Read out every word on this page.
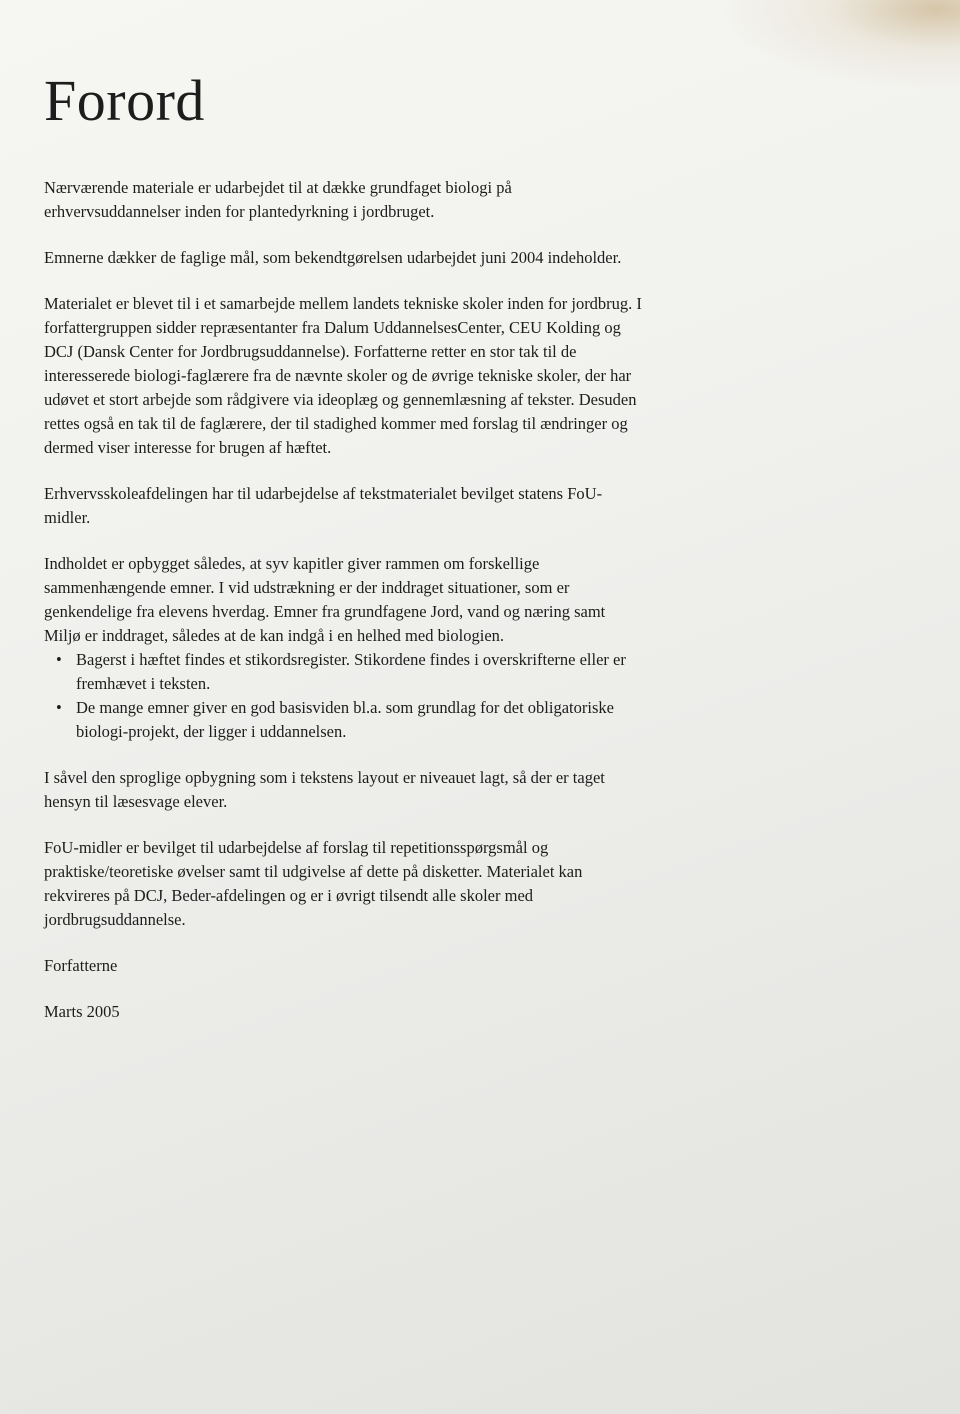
Forord

Nærværende materiale er udarbejdet til at dække grundfaget biologi på erhvervsuddannelser inden for plantedyrkning i jordbruget.

Emnerne dækker de faglige mål, som bekendtgørelsen udarbejdet juni 2004 indeholder.

Materialet er blevet til i et samarbejde mellem landets tekniske skoler inden for jordbrug. I forfattergruppen sidder repræsentanter fra Dalum UddannelsesCenter, CEU Kolding og DCJ (Dansk Center for Jordbrugsuddannelse). Forfatterne retter en stor tak til de interesserede biologi-faglærere fra de nævnte skoler og de øvrige tekniske skoler, der har udøvet et stort arbejde som rådgivere via ideoplæg og gennemlæsning af tekster. Desuden rettes også en tak til de faglærere, der til stadighed kommer med forslag til ændringer og dermed viser interesse for brugen af hæftet.

Erhvervsskoleafdelingen har til udarbejdelse af tekstmaterialet bevilget statens FoU-midler.

Indholdet er opbygget således, at syv kapitler giver rammen om forskellige sammenhængende emner. I vid udstrækning er der inddraget situationer, som er genkendelige fra elevens hverdag. Emner fra grundfagene Jord, vand og næring samt Miljø er inddraget, således at de kan indgå i en helhed med biologien.

• Bagerst i hæftet findes et stikordsregister. Stikordene findes i overskrifterne eller er fremhævet i teksten.
• De mange emner giver en god basisviden bl.a. som grundlag for det obligatoriske biologi-projekt, der ligger i uddannelsen.

I såvel den sproglige opbygning som i tekstens layout er niveauet lagt, så der er taget hensyn til læsesvage elever.

FoU-midler er bevilget til udarbejdelse af forslag til repetitionsspørgsmål og praktiske/teoretiske øvelser samt til udgivelse af dette på disketter. Materialet kan rekvireres på DCJ, Beder-afdelingen og er i øvrigt tilsendt alle skoler med jordbrugsuddannelse.

Forfatterne

Marts 2005
